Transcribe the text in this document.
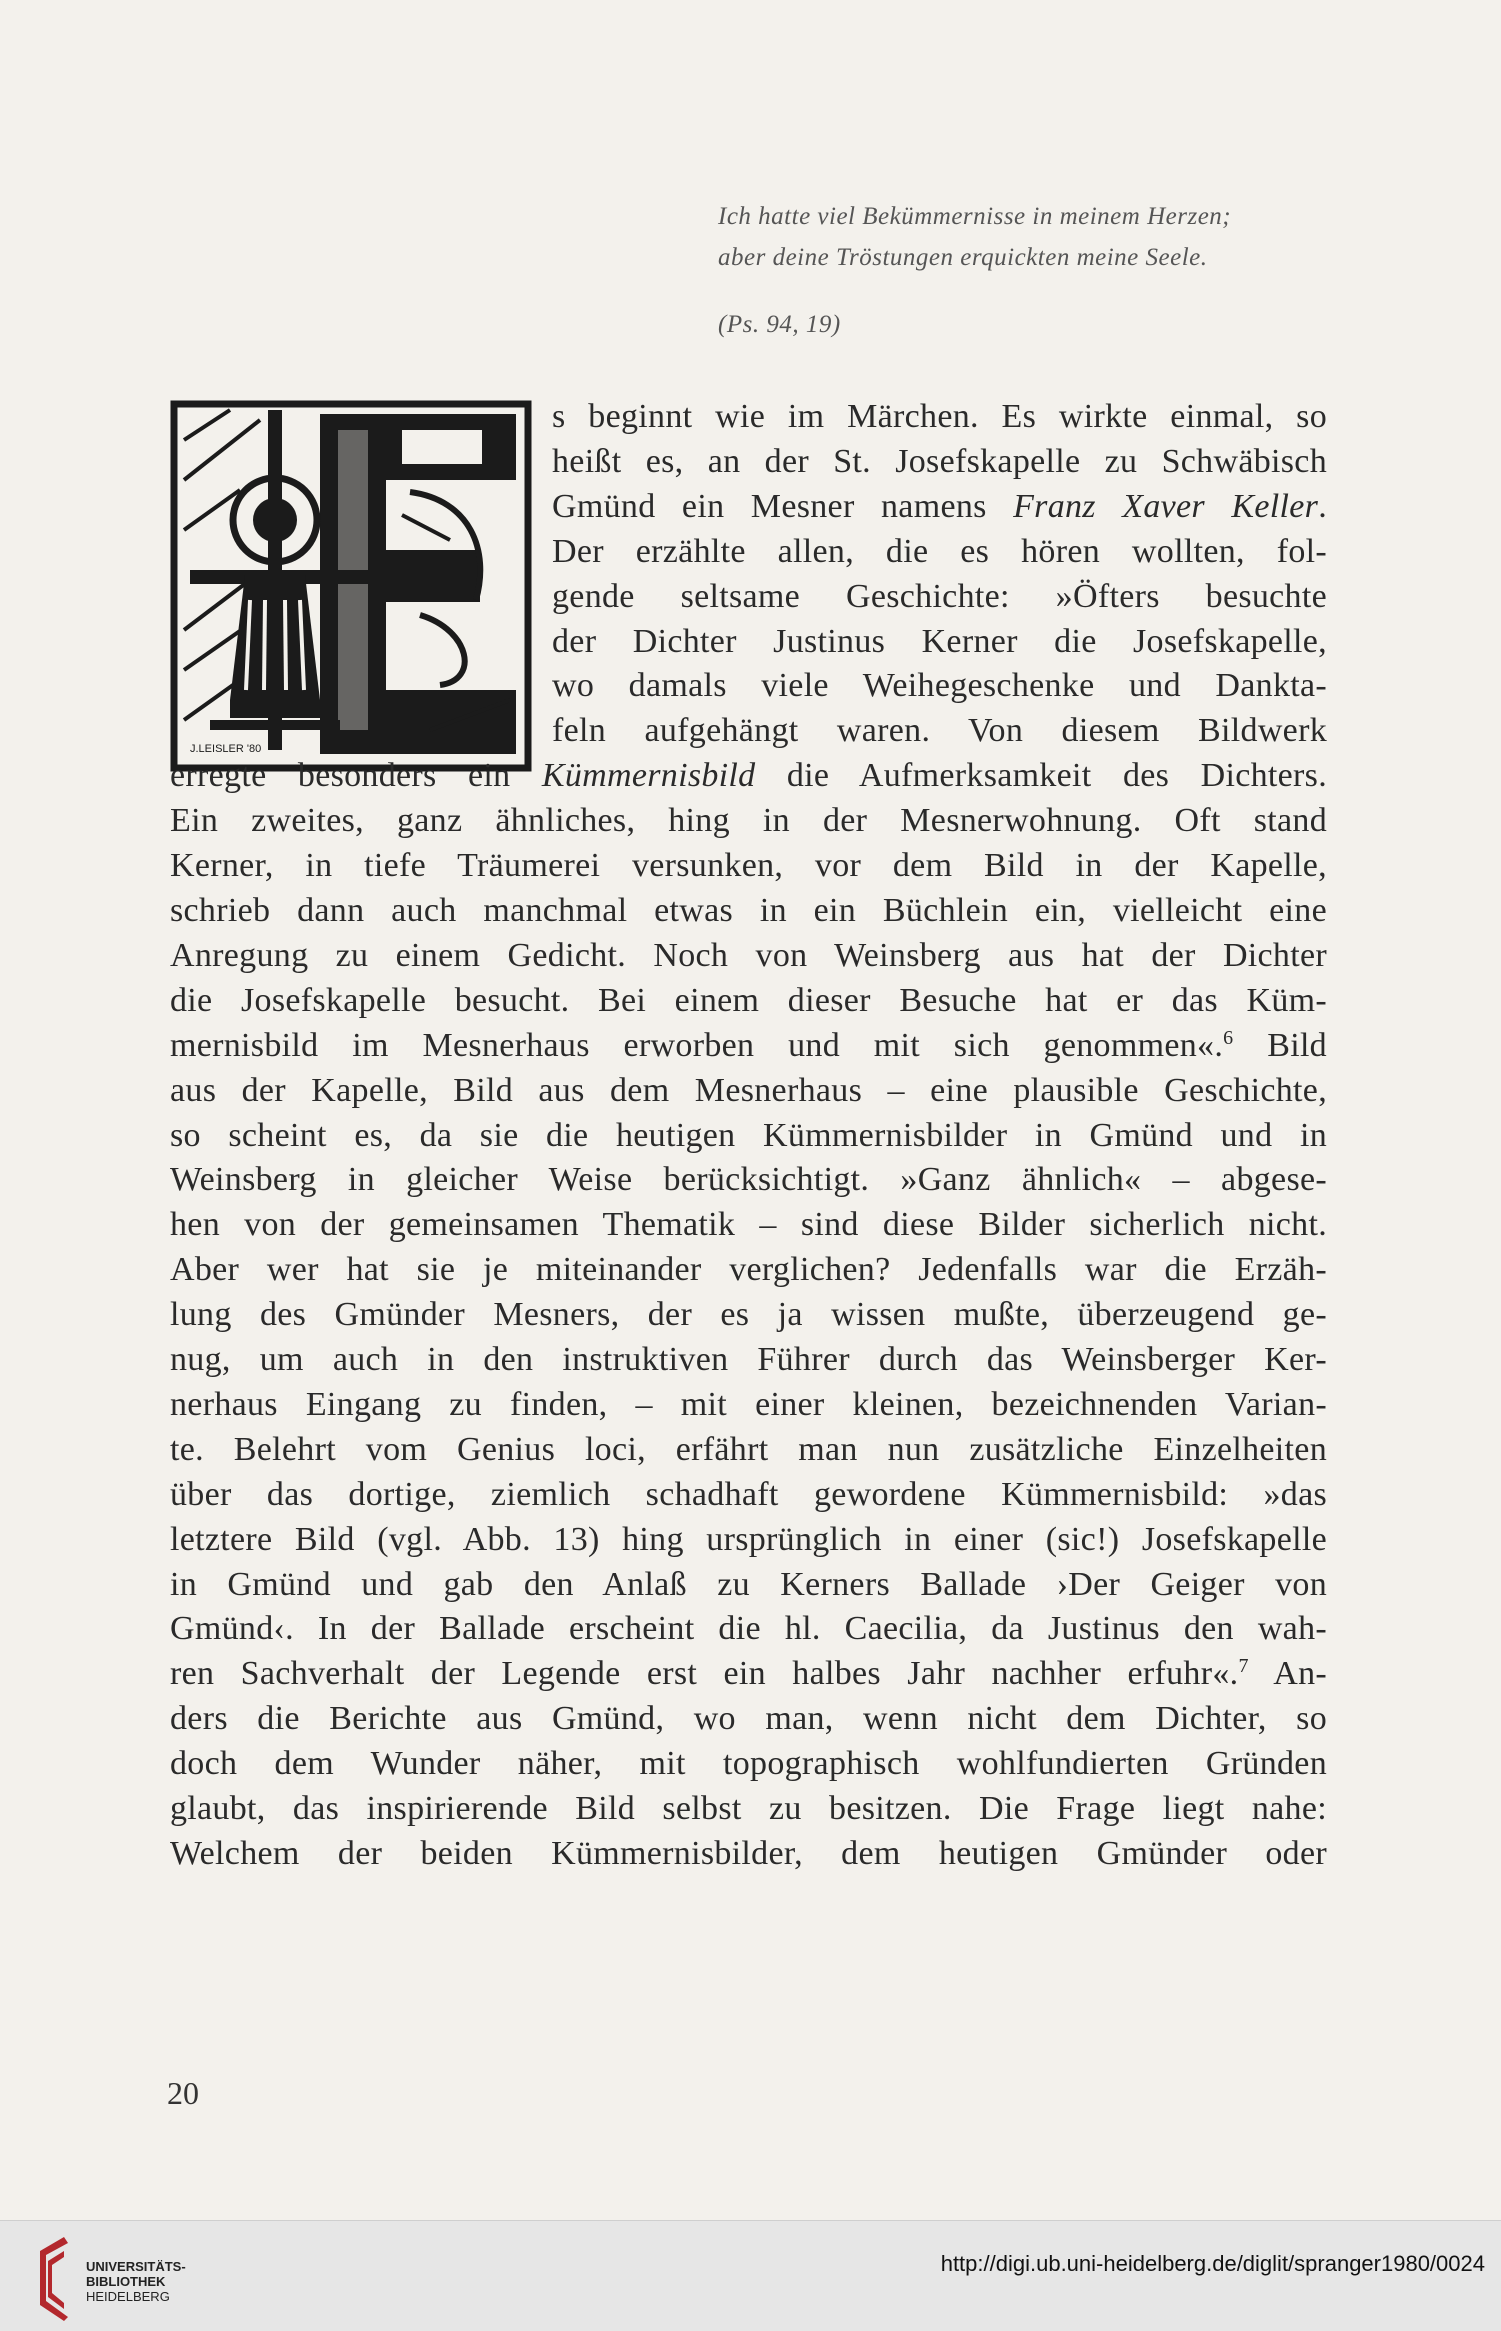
Ich hatte viel Bekümmernisse in meinem Herzen;
aber deine Tröstungen erquickten meine Seele.
(Ps. 94, 19)
J.LEISLER '80
s beginnt wie im Märchen. Es wirkte einmal, so
heißt es, an der St. Josefskapelle zu Schwäbisch
Gmünd ein Mesner namens Franz Xaver Keller.
Der erzählte allen, die es hören wollten, fol-
gende seltsame Geschichte: »Öfters besuchte
der Dichter Justinus Kerner die Josefskapelle,
wo damals viele Weihegeschenke und Dankta-
feln aufgehängt waren. Von diesem Bildwerk
erregte besonders ein Kümmernisbild die Aufmerksamkeit des Dichters.
Ein zweites, ganz ähnliches, hing in der Mesnerwohnung. Oft stand
Kerner, in tiefe Träumerei versunken, vor dem Bild in der Kapelle,
schrieb dann auch manchmal etwas in ein Büchlein ein, vielleicht eine
Anregung zu einem Gedicht. Noch von Weinsberg aus hat der Dichter
die Josefskapelle besucht. Bei einem dieser Besuche hat er das Küm-
mernisbild im Mesnerhaus erworben und mit sich genommen«.$^6$ Bild
aus der Kapelle, Bild aus dem Mesnerhaus – eine plausible Geschichte,
so scheint es, da sie die heutigen Kümmernisbilder in Gmünd und in
Weinsberg in gleicher Weise berücksichtigt. »Ganz ähnlich« – abgese-
hen von der gemeinsamen Thematik – sind diese Bilder sicherlich nicht.
Aber wer hat sie je miteinander verglichen? Jedenfalls war die Erzäh-
lung des Gmünder Mesners, der es ja wissen mußte, überzeugend ge-
nug, um auch in den instruktiven Führer durch das Weinsberger Ker-
nerhaus Eingang zu finden, – mit einer kleinen, bezeichnenden Varian-
te. Belehrt vom Genius loci, erfährt man nun zusätzliche Einzelheiten
über das dortige, ziemlich schadhaft gewordene Kümmernisbild: »das
letztere Bild (vgl. Abb. 13) hing ursprünglich in einer (sic!) Josefskapelle
in Gmünd und gab den Anlaß zu Kerners Ballade ›Der Geiger von
Gmünd‹. In der Ballade erscheint die hl. Caecilia, da Justinus den wah-
ren Sachverhalt der Legende erst ein halbes Jahr nachher erfuhr«.$^7$ An-
ders die Berichte aus Gmünd, wo man, wenn nicht dem Dichter, so
doch dem Wunder näher, mit topographisch wohlfundierten Gründen
glaubt, das inspirierende Bild selbst zu besitzen. Die Frage liegt nahe:
Welchem der beiden Kümmernisbilder, dem heutigen Gmünder oder
20
UNIVERSITÄTS-
BIBLIOTHEK
HEIDELBERG
http://digi.ub.uni-heidelberg.de/diglit/spranger1980/0024
